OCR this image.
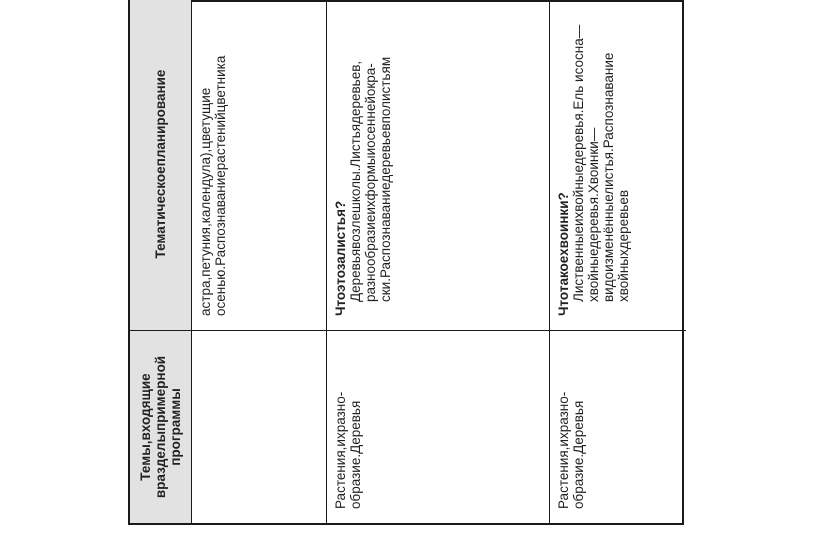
Темы,входящие вразделыпримерной программы
Тематическоепланирование	астра,петуния,календула),цветущие осенью.Распознаваниерастенийцветника
Растения,ихразно- образие.Деревья
Чтоэтозалистья? Деревьявозлешколы.Листьядеревьев, разнообразиеихформыиосеннейокра- ски.Распознаваниедеревьевполистьям
Растения,ихразно- образие.Деревья
Чтотакоехвоинки? Лиственныеихвойныедеревья.Ель исосна—хвойныедеревья.Хвоинки— видоизменённыелистья.Распознавание хвойныхдеревьев
